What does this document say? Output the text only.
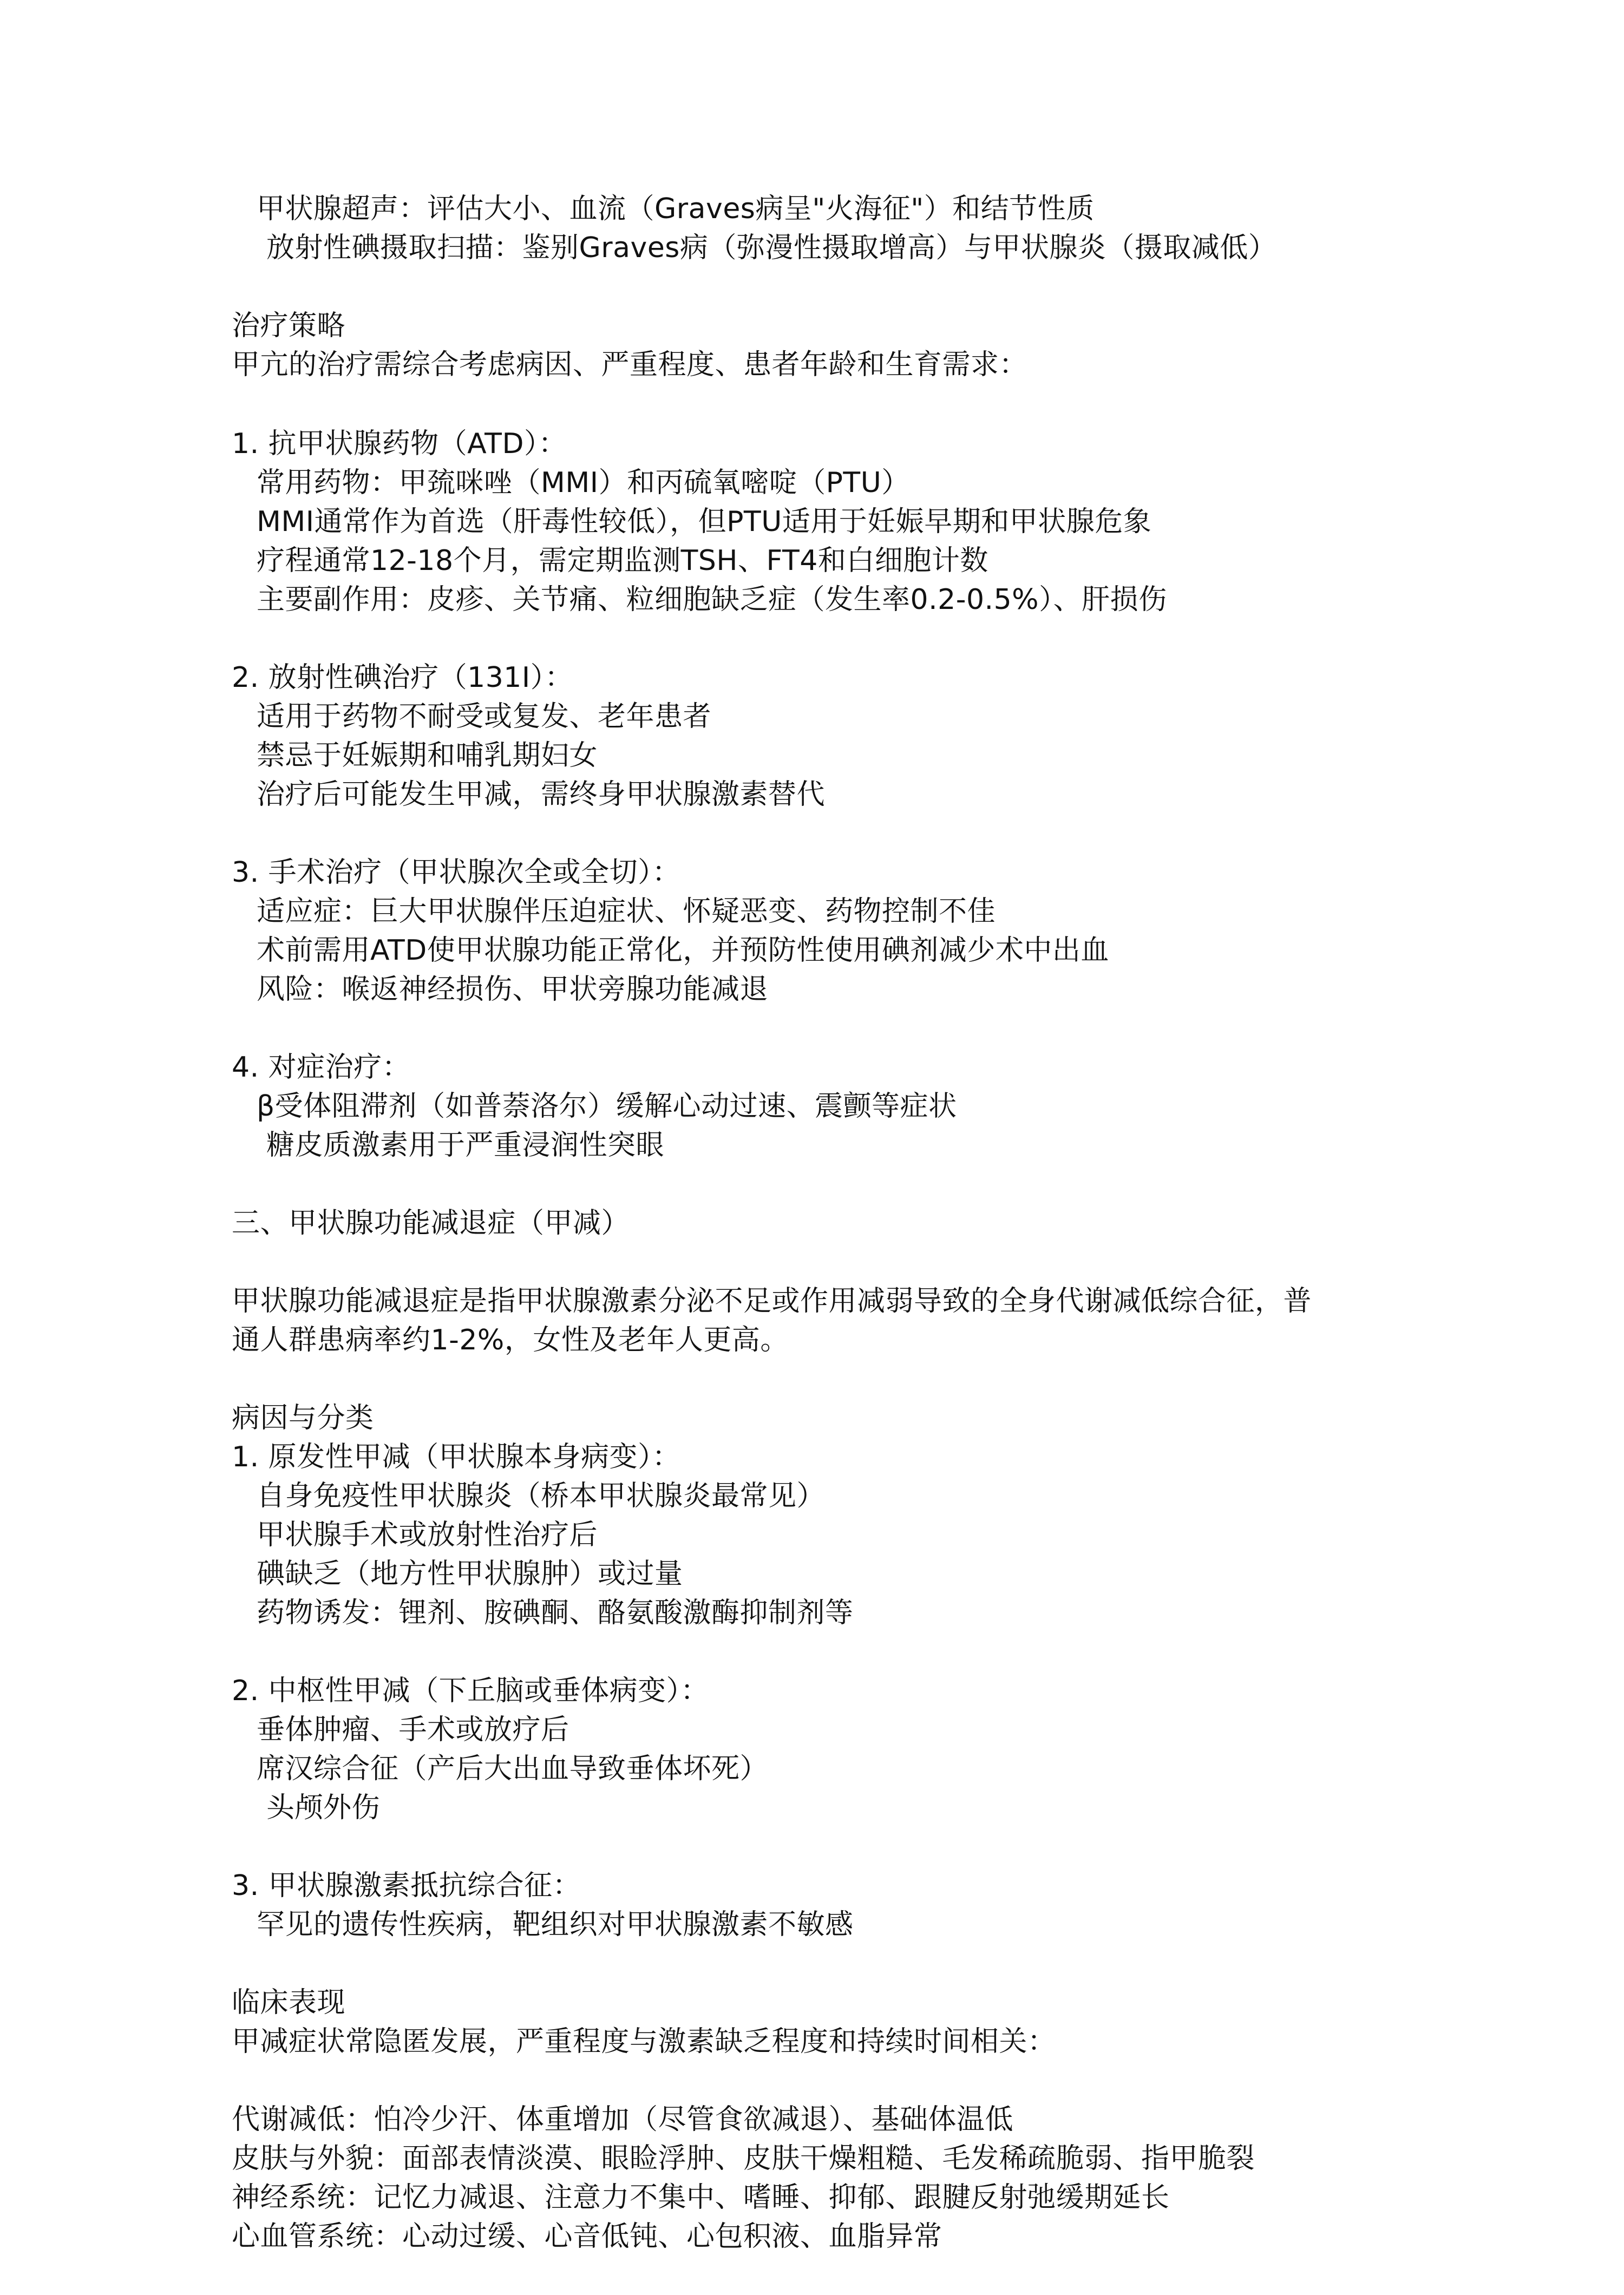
甲状腺超声：评估大小、血流（Graves病呈"火海征"）和结节性质
放射性碘摄取扫描：鉴别Graves病（弥漫性摄取增高）与甲状腺炎（摄取减低）
治疗策略
甲亢的治疗需综合考虑病因、严重程度、患者年龄和生育需求：
1. 抗甲状腺药物（ATD）：
常用药物：甲巯咪唑（MMI）和丙硫氧嘧啶（PTU）
MMI通常作为首选（肝毒性较低），但PTU适用于妊娠早期和甲状腺危象
疗程通常12-18个月，需定期监测TSH、FT4和白细胞计数
主要副作用：皮疹、关节痛、粒细胞缺乏症（发生率0.2-0.5%）、肝损伤
2. 放射性碘治疗（131I）：
适用于药物不耐受或复发、老年患者
禁忌于妊娠期和哺乳期妇女
治疗后可能发生甲减，需终身甲状腺激素替代
3. 手术治疗（甲状腺次全或全切）：
适应症：巨大甲状腺伴压迫症状、怀疑恶变、药物控制不佳
术前需用ATD使甲状腺功能正常化，并预防性使用碘剂减少术中出血
风险：喉返神经损伤、甲状旁腺功能减退
4. 对症治疗：
β受体阻滞剂（如普萘洛尔）缓解心动过速、震颤等症状
糖皮质激素用于严重浸润性突眼
三、甲状腺功能减退症（甲减）
甲状腺功能减退症是指甲状腺激素分泌不足或作用减弱导致的全身代谢减低综合征，普
通人群患病率约1-2%，女性及老年人更高。
病因与分类
1. 原发性甲减（甲状腺本身病变）：
自身免疫性甲状腺炎（桥本甲状腺炎最常见）
甲状腺手术或放射性治疗后
碘缺乏（地方性甲状腺肿）或过量
药物诱发：锂剂、胺碘酮、酪氨酸激酶抑制剂等
2. 中枢性甲减（下丘脑或垂体病变）：
垂体肿瘤、手术或放疗后
席汉综合征（产后大出血导致垂体坏死）
头颅外伤
3. 甲状腺激素抵抗综合征：
罕见的遗传性疾病，靶组织对甲状腺激素不敏感
临床表现
甲减症状常隐匿发展，严重程度与激素缺乏程度和持续时间相关：
代谢减低：怕冷少汗、体重增加（尽管食欲减退）、基础体温低
皮肤与外貌：面部表情淡漠、眼睑浮肿、皮肤干燥粗糙、毛发稀疏脆弱、指甲脆裂
神经系统：记忆力减退、注意力不集中、嗜睡、抑郁、跟腱反射弛缓期延长
心血管系统：心动过缓、心音低钝、心包积液、血脂异常
